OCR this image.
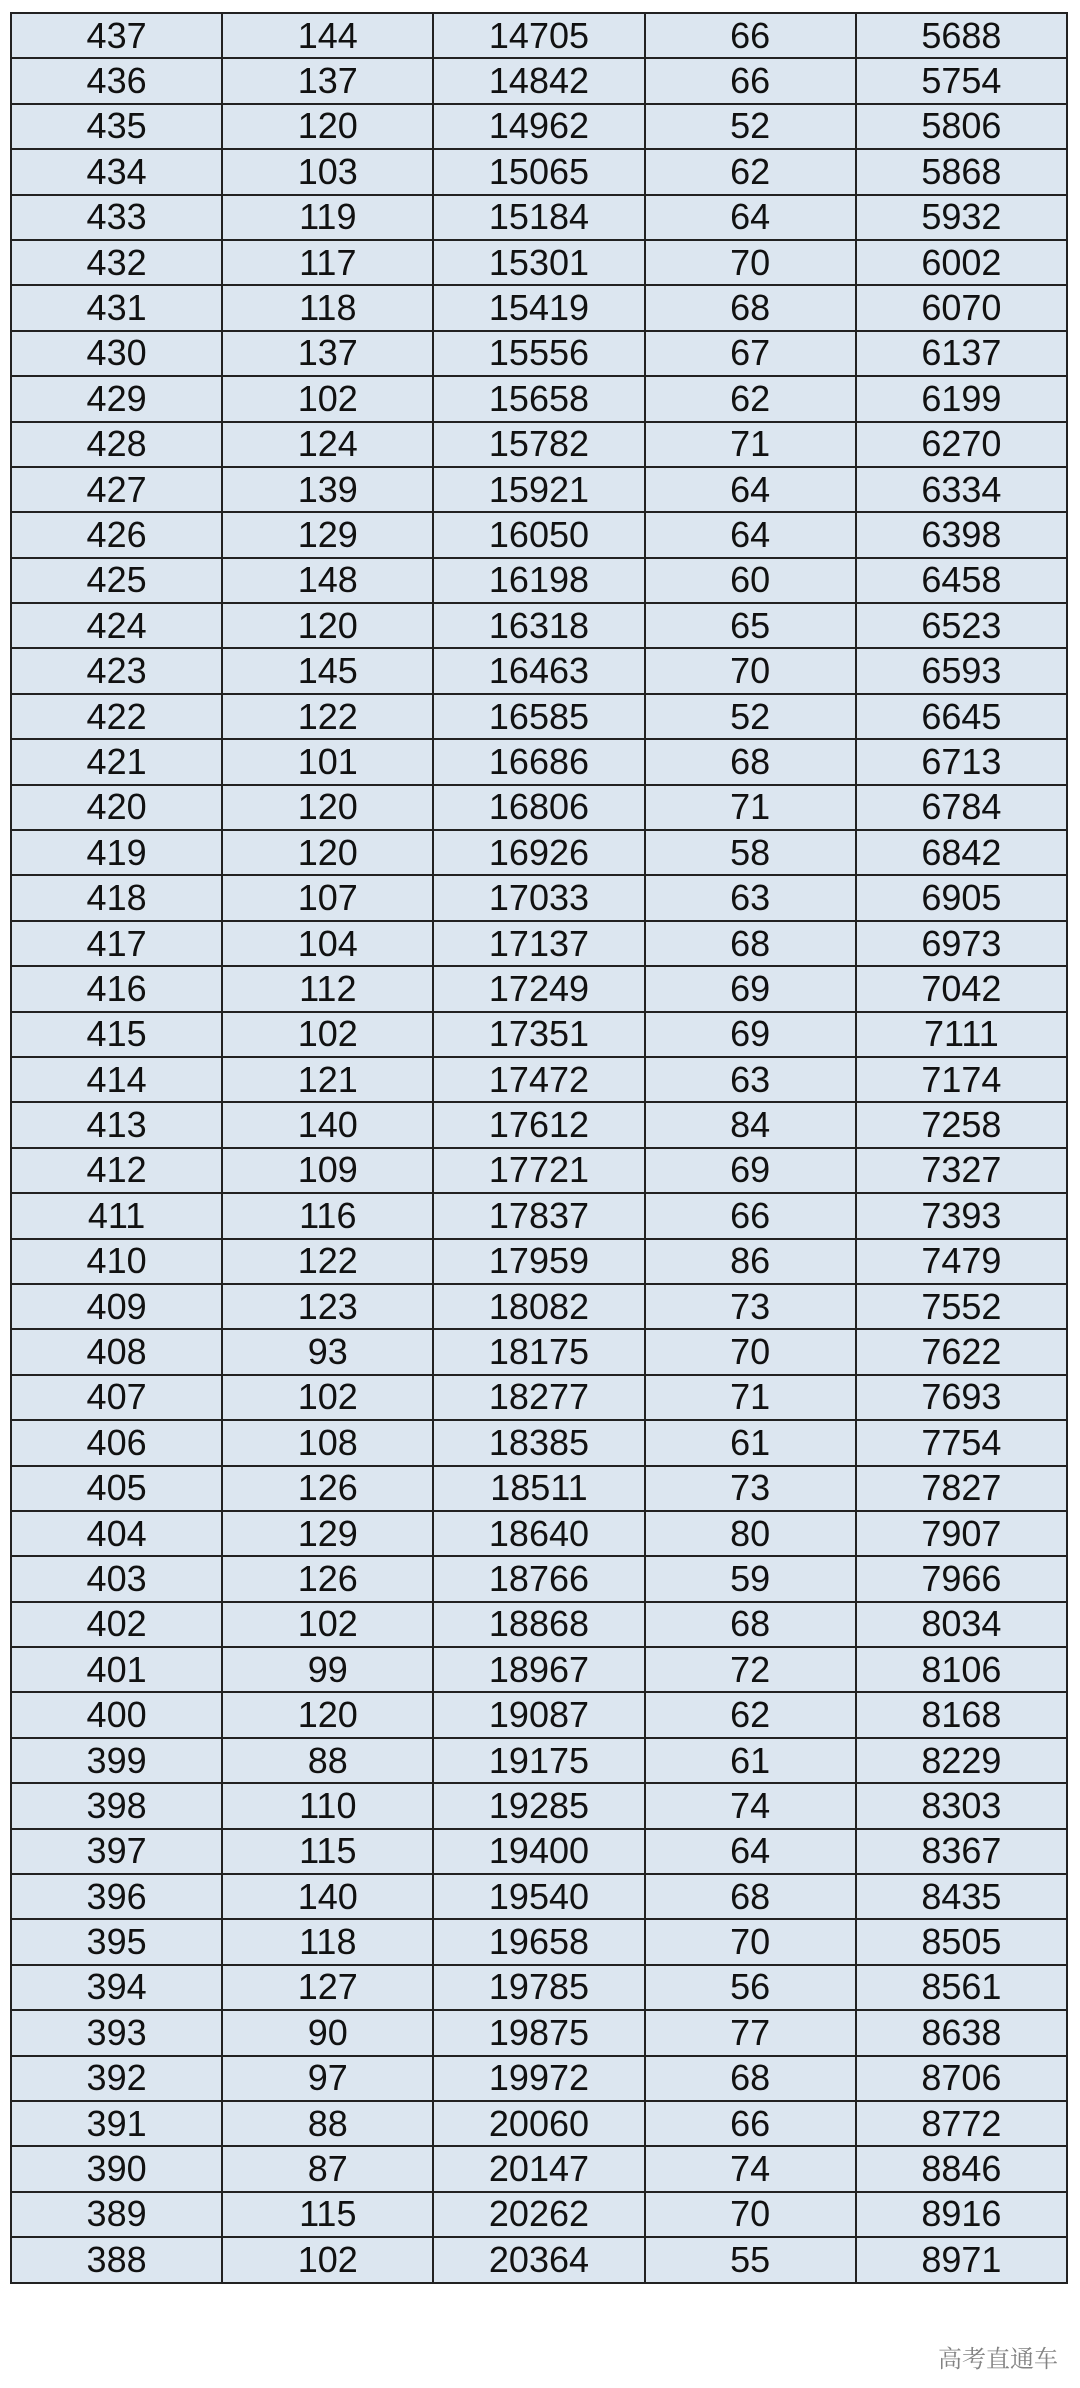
437	144	14705	66	5688
436	137	14842	66	5754
435	120	14962	52	5806
434	103	15065	62	5868
433	119	15184	64	5932
432	117	15301	70	6002
431	118	15419	68	6070
430	137	15556	67	6137
429	102	15658	62	6199
428	124	15782	71	6270
427	139	15921	64	6334
426	129	16050	64	6398
425	148	16198	60	6458
424	120	16318	65	6523
423	145	16463	70	6593
422	122	16585	52	6645
421	101	16686	68	6713
420	120	16806	71	6784
419	120	16926	58	6842
418	107	17033	63	6905
417	104	17137	68	6973
416	112	17249	69	7042
415	102	17351	69	7111
414	121	17472	63	7174
413	140	17612	84	7258
412	109	17721	69	7327
411	116	17837	66	7393
410	122	17959	86	7479
409	123	18082	73	7552
408	93	18175	70	7622
407	102	18277	71	7693
406	108	18385	61	7754
405	126	18511	73	7827
404	129	18640	80	7907
403	126	18766	59	7966
402	102	18868	68	8034
401	99	18967	72	8106
400	120	19087	62	8168
399	88	19175	61	8229
398	110	19285	74	8303
397	115	19400	64	8367
396	140	19540	68	8435
395	118	19658	70	8505
394	127	19785	56	8561
393	90	19875	77	8638
392	97	19972	68	8706
391	88	20060	66	8772
390	87	20147	74	8846
389	115	20262	70	8916
388	102	20364	55	8971
高考直通车
